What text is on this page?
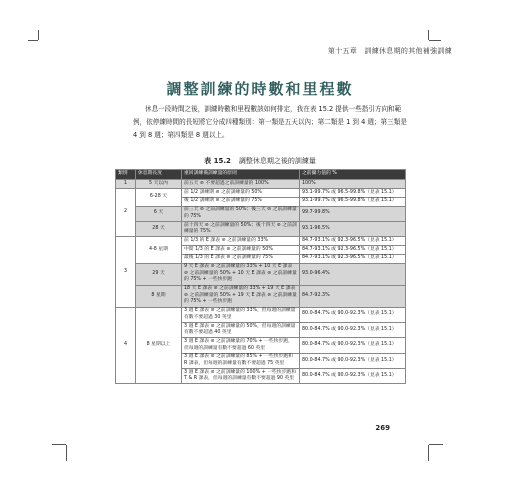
第十五章　訓練休息期的其他補強訓練
調整訓練的時數和里程數
休息一段時間之後，訓練時數和里程數該如何排定，我在表 15.2 提供一些指引方向和範例，依停練時間的長短將它分成四種類別：第一類是五天以內；第二類是 1 到 4 週；第三類是 4 到 8 週；第四類是 8 週以上。
表 15.2 調整休息期之後的訓練量
類別	休息期長度	重回訓練備訓練量的原則	之前攝力值的 %
1	5 天以內	前五天 ⊘ 不要超過之前訓練量的 100%	100%
2	6-28 天	前 1/2 訓練期 ⊘ 之前訓練量的 50%	93.1-99.7% 或 96.5-99.8%（見表 15.1）
		後 1/2 訓練期 ⊘ 之前訓練量的 75%	93.1-99.7% 或 96.5-99.8%（見表 15.1）
	6 天	前三天 ⊘ 之前訓練量的 50%；後三天 ⊘ 之前訓練量的 75%	99.7-99.8%
	28 天	前十四天 ⊘ 之前訓練量的 50%；後十四天 ⊘ 之前訓練量的 75%	93.1-96.5%
3	4-8 星期	前 1/3 的 E 課表 ⊘ 之前訓練量的 33%	84.7-93.1% 或 92.3-96.5%（見表 15.1）
		中間 1/3 的 E 課表 ⊘ 之前訓練量的 50%	84.7-93.1% 或 92.3-96.5%（見表 15.1）
		最後 1/3 的 E 課表 ⊘ 之前訓練量的 75%	84.7-93.1% 或 92.3-96.5%（見表 15.1）
	29 天	9 天 E 課表 ⊘ 之前訓練量的 33% + 10 天 E 課表 ⊘ 之前訓練量的 50% + 10 天 E 課表 ⊘ 之前訓練量的 75% + 一些快步跑	93.0-96.4%
	8 星期	18 天 E 課表 ⊘ 之前訓練量的 33% + 19 天 E 課表 ⊘ 之前訓練量的 50% + 19 天 E 課表 ⊘ 之前訓練量的 75% + 一些快步跑	84.7-92.3%
4	8 星期以上	3 週 E 課表 ⊘ 之前訓練量的 33%，但每週的訓練量有數不要超過 30 英里	80.0-84.7% 或 90.0-92.3%（見表 15.1）
		3 週 E 課表 ⊘ 之前訓練量的 50%，但每週的訓練量有數不要超過 40 英里	80.0-84.7% 或 90.0-92.3%（見表 15.1）
		3 週 E 課表 ⊘ 之前訓練量的 70% + 一些快步跑，但每週的訓練量有數不要超過 60 英里	80.0-84.7% 或 90.0-92.3%（見表 15.1）
		3 週 E 課表 ⊘ 之前訓練量的 85% + 一些快步跑和 R 課表，但每週的訓練量有數不要超過 75 英里	80.0-84.7% 或 90.0-92.3%（見表 15.1）
		3 週 E 課表 ⊘ 之前訓練量的 100% + 一些快步跑和 T & R 課表，但每週的訓練量有數不要超過 90 英里	80.0-84.7% 或 90.0-92.3%（見表 15.1）
269
